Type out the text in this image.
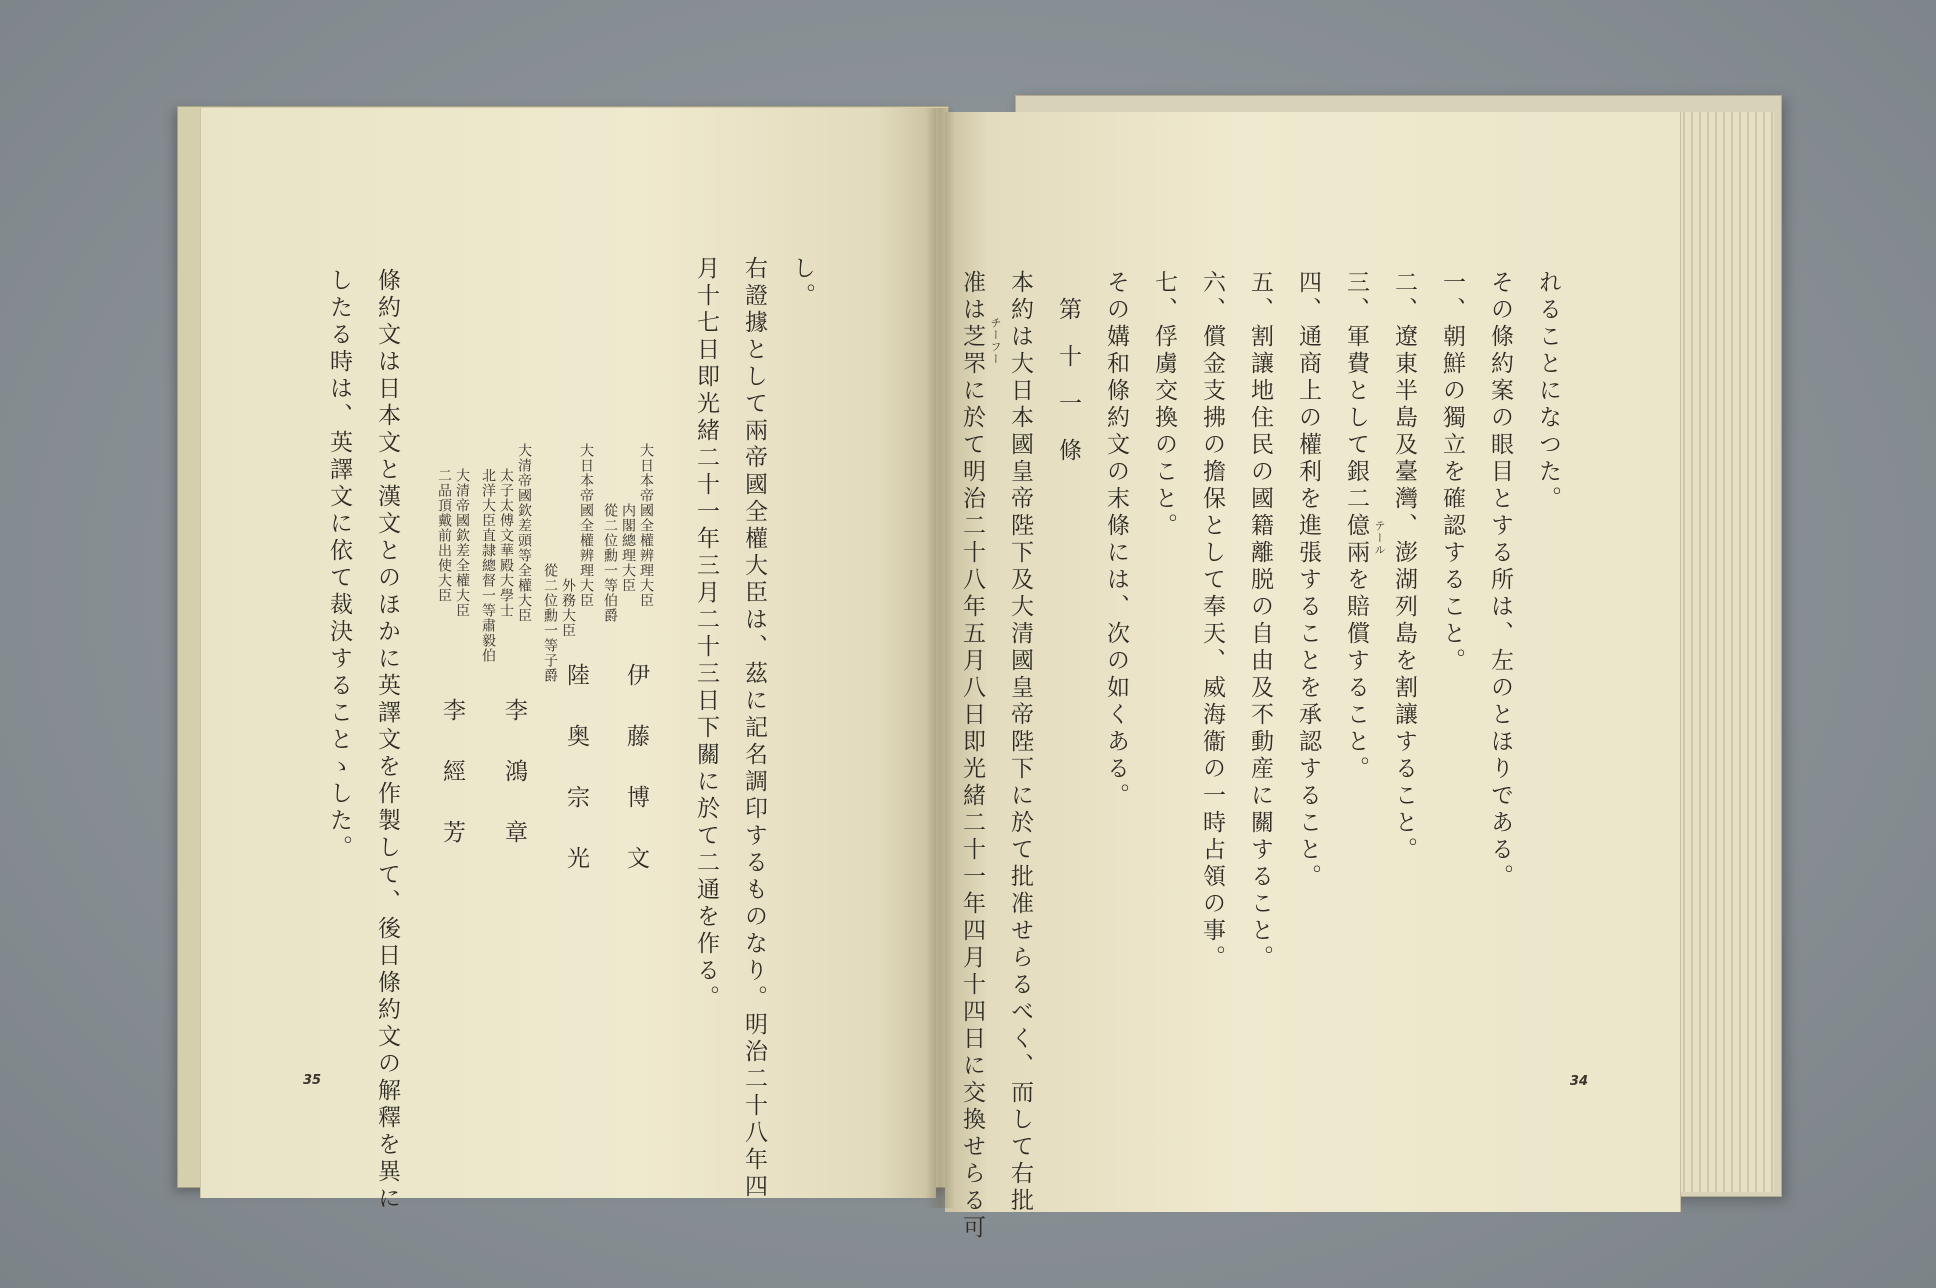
し。
右證據として兩帝國全權大臣は、茲に記名調印するものなり。明治二十八年四
月十七日即光緒二十一年三月二十三日下關に於て二通を作る。
大日本帝國全權辨理大臣
内閣總理大臣
從二位勳一等伯爵
伊藤博文
大日本帝國全權辨理大臣
外務大臣
從二位勳一等子爵
陸奥宗光
大清帝國欽差頭等全權大臣
太子太傅文華殿大學士
北洋大臣直隷總督一等肅毅伯
李鴻章
大清帝國欽差全權大臣
二品頂戴前出使大臣
李經芳
條約文は日本文と漢文とのほかに英譯文を作製して、後日條約文の解釋を異に
したる時は、英譯文に依て裁決することゝした。
35
れることになつた。
その條約案の眼目とする所は、左のとほりである。
一、朝鮮の獨立を確認すること。
二、遼東半島及臺灣、澎湖列島を割讓すること。
三、軍費として銀二億兩を賠償すること。 テール
四、通商上の權利を進張することを承認すること。
五、割讓地住民の國籍離脱の自由及不動産に關すること。
六、償金支拂の擔保として奉天、威海衞の一時占領の事。
七、俘虜交換のこと。
その媾和條約文の末條には、次の如くある。
第十一條
本約は大日本國皇帝陛下及大清國皇帝陛下に於て批准せらるべく、而して右批
准は芝罘に於て明治二十八年五月八日即光緒二十一年四月十四日に交換せらる可 チーフー
34
